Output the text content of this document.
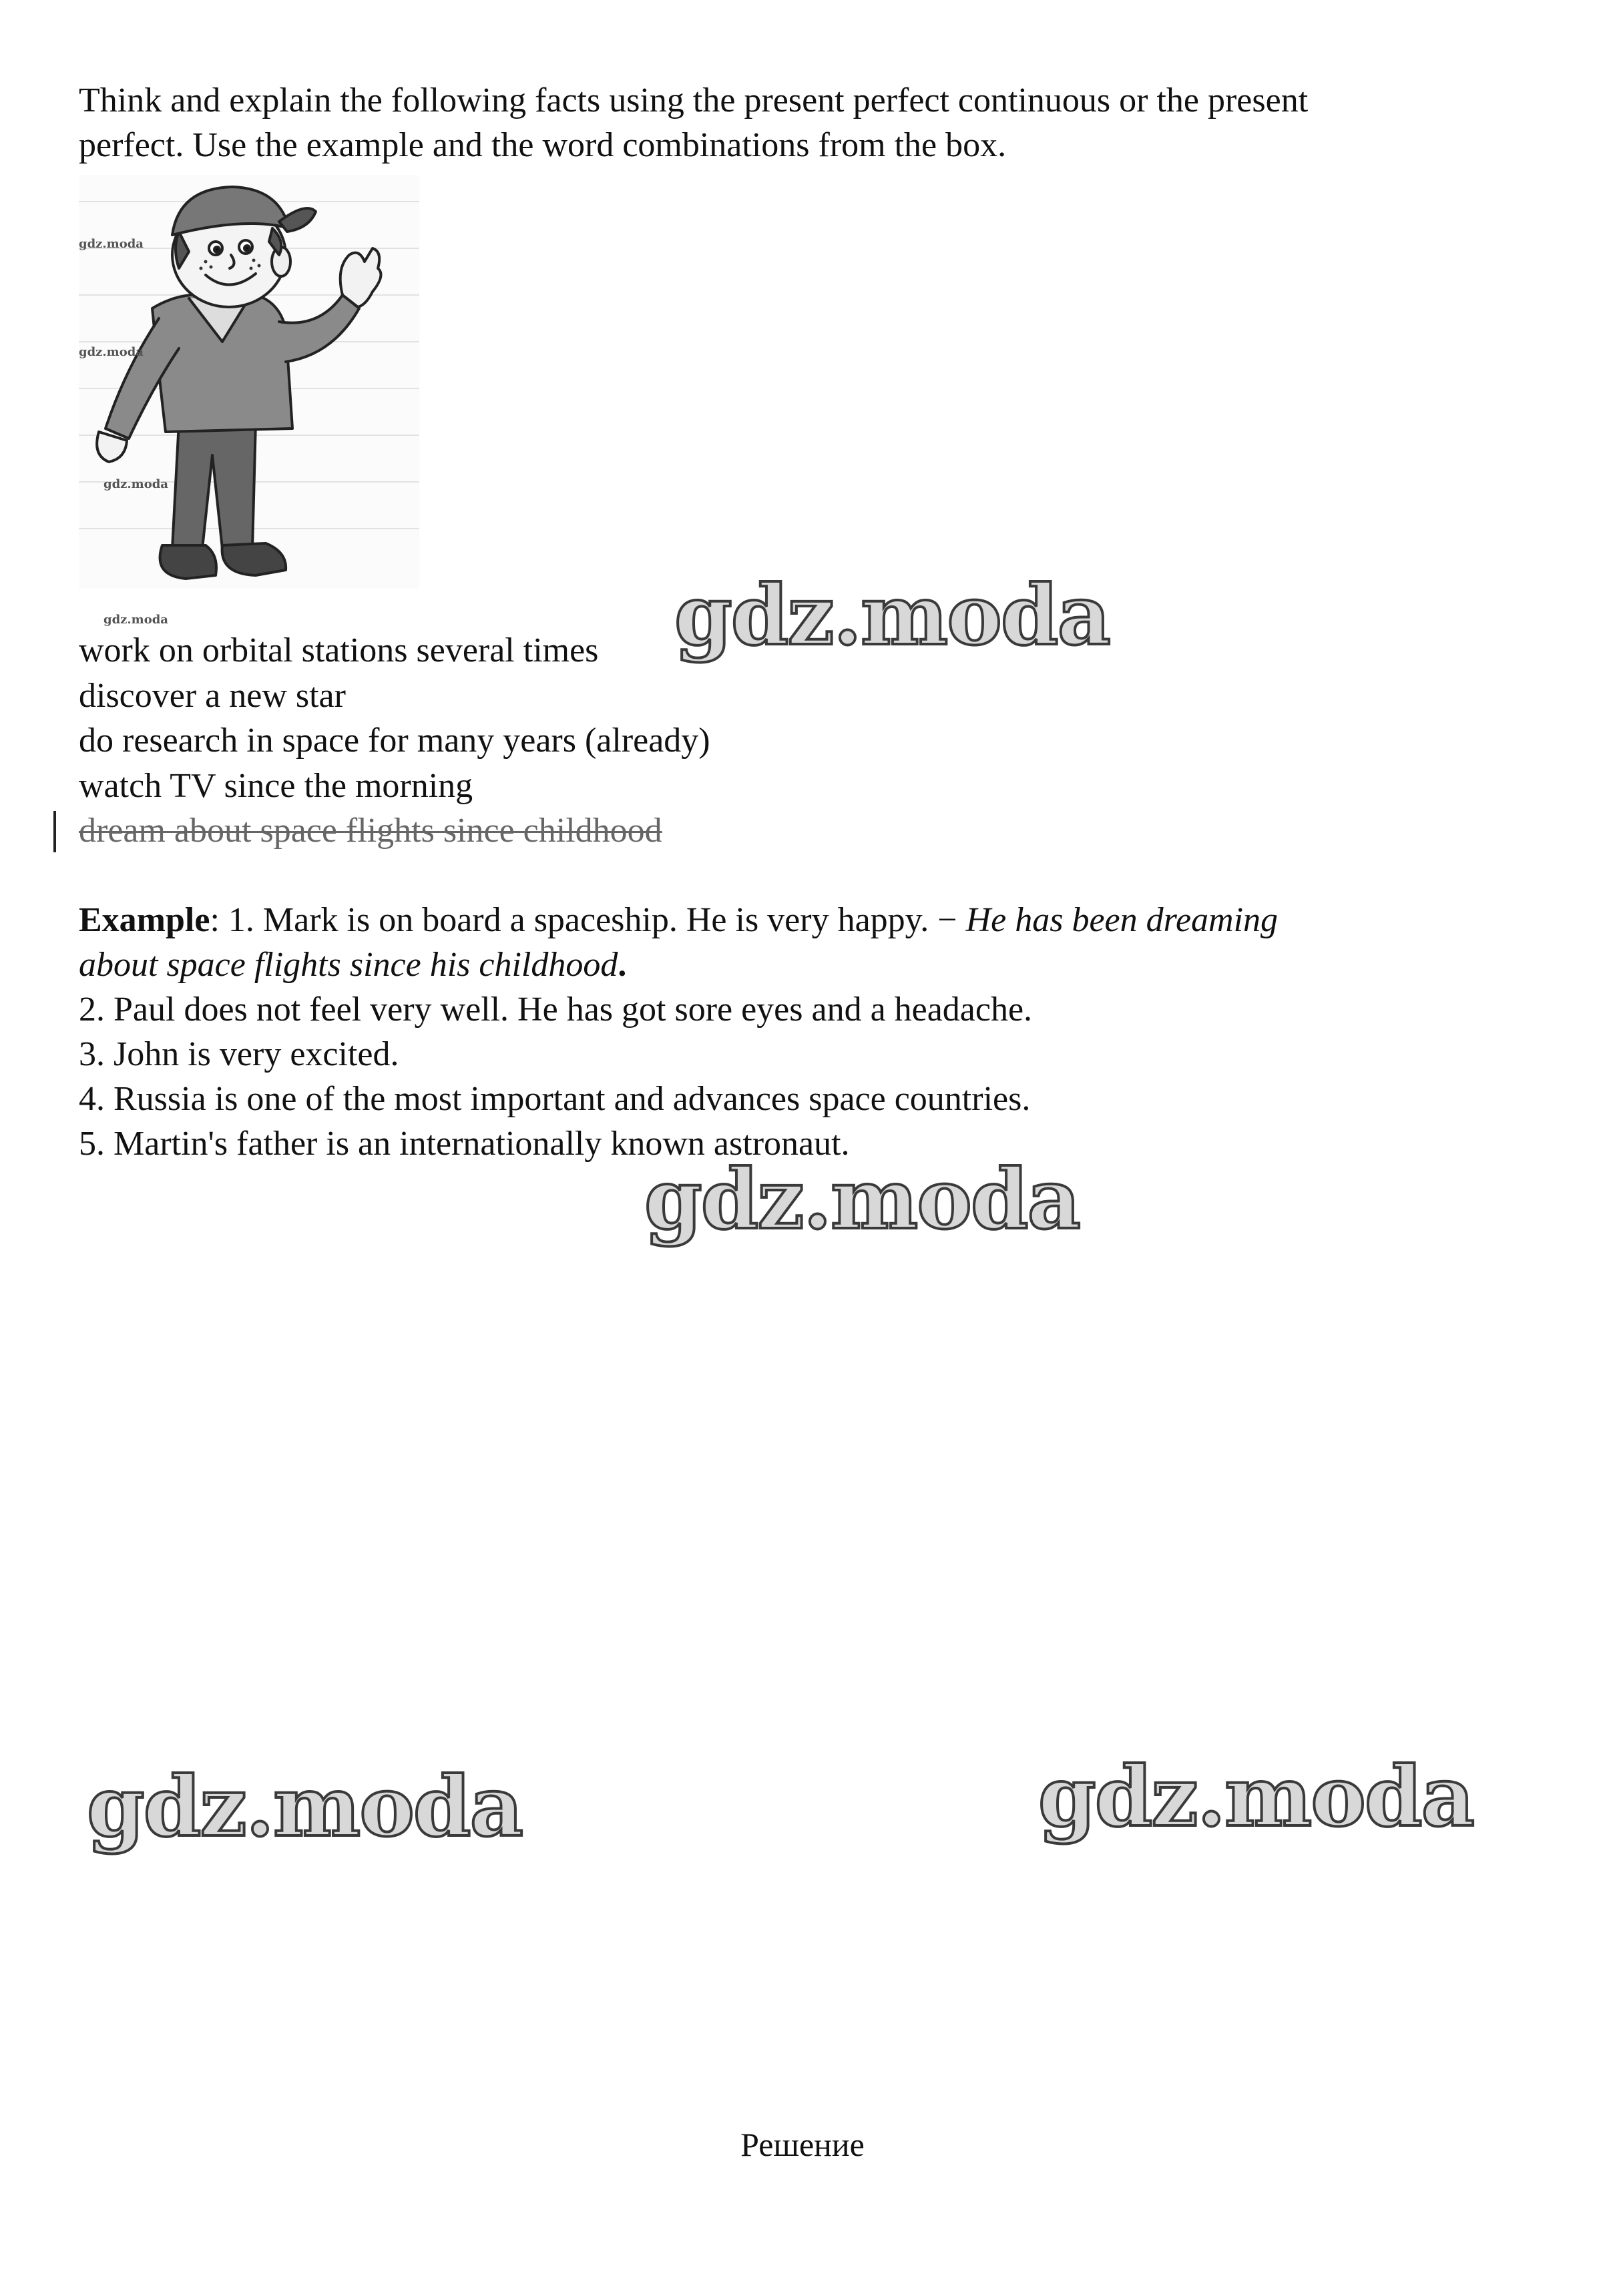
Think and explain the following facts using the present perfect continuous or the present
perfect. Use the example and the word combinations from the box.
gdz.moda
gdz.moda
gdz.moda
gdz.moda
work on orbital stations several times
discover a new star
do research in space for many years (already)
watch TV since the morning
dream about space flights since childhood
Example: 1. Mark is on board a spaceship. He is very happy. − He has been dreaming
about space flights since his childhood.
2. Paul does not feel very well. He has got sore eyes and a headache.
3. John is very excited.
4. Russia is one of the most important and advances space countries.
5. Martin's father is an internationally known astronaut.
gdz.moda
gdz.moda
gdz.moda	gdz.moda
Решение
